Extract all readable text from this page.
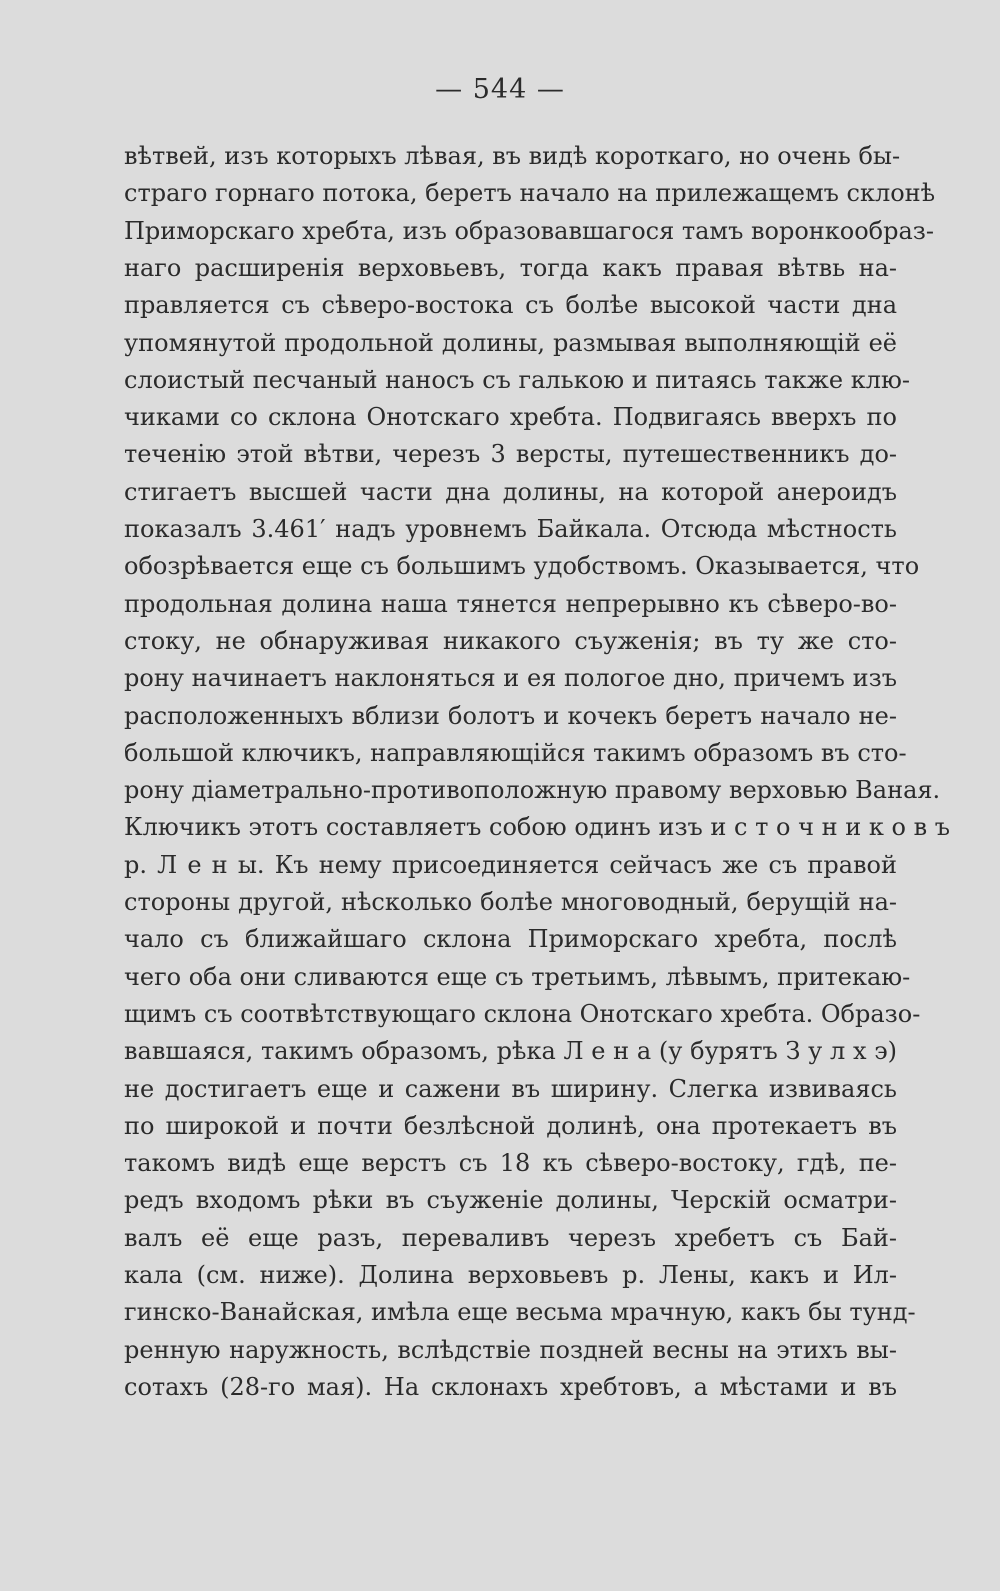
— 544 —
вѣтвей, изъ которыхъ лѣвая, въ видѣ короткаго, но очень бы-
страго горнаго потока, беретъ начало на прилежащемъ склонѣ
Приморскаго хребта, изъ образовавшагося тамъ воронкообраз-
наго расширенія верховьевъ, тогда какъ правая вѣтвь на-
правляется съ сѣверо-востока съ болѣе высокой части дна
упомянутой продольной долины, размывая выполняющій её
слоистый песчаный наносъ съ галькою и питаясь также клю-
чиками со склона Онотскаго хребта. Подвигаясь вверхъ по
теченію этой вѣтви, черезъ 3 версты, путешественникъ до-
стигаетъ высшей части дна долины, на которой анероидъ
показалъ 3.461′ надъ уровнемъ Байкала. Отсюда мѣстность
обозрѣвается еще съ большимъ удобствомъ. Оказывается, что
продольная долина наша тянется непрерывно къ сѣверо-во-
стоку, не обнаруживая никакого съуженія; въ ту же сто-
рону начинаетъ наклоняться и ея пологое дно, причемъ изъ
расположенныхъ вблизи болотъ и кочекъ беретъ начало не-
большой ключикъ, направляющійся такимъ образомъ въ сто-
рону діаметрально-противоположную правому верховью Ваная.
Ключикъ этотъ составляетъ собою одинъ изъ и с т о ч н и к о в ъ
р. Л е н ы. Къ нему присоединяется сейчасъ же съ правой
стороны другой, нѣсколько болѣе многоводный, берущій на-
чало съ ближайшаго склона Приморскаго хребта, послѣ
чего оба они сливаются еще съ третьимъ, лѣвымъ, притекаю-
щимъ съ соотвѣтствующаго склона Онотскаго хребта. Образо-
вавшаяся, такимъ образомъ, рѣка Л е н а (у бурятъ З у л х э)
не достигаетъ еще и сажени въ ширину. Слегка извиваясь
по широкой и почти безлѣсной долинѣ, она протекаетъ въ
такомъ видѣ еще верстъ съ 18 къ сѣверо-востоку, гдѣ, пе-
редъ входомъ рѣки въ съуженіе долины, Черскій осматри-
валъ её еще разъ, переваливъ черезъ хребетъ съ Бай-
кала (см. ниже). Долина верховьевъ р. Лены, какъ и Ил-
гинско-Ванайская, имѣла еще весьма мрачную, какъ бы тунд-
ренную наружность, вслѣдствіе поздней весны на этихъ вы-
сотахъ (28-го мая). На склонахъ хребтовъ, а мѣстами и въ
